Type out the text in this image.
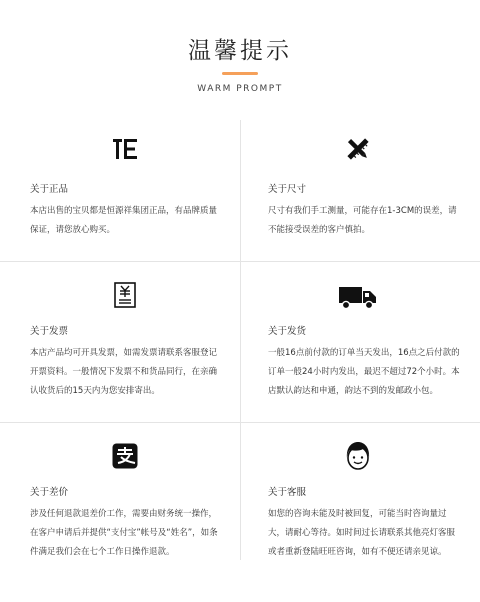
温馨提示
WARM PROMPT
关于正品
本店出售的宝贝都是恒源祥集团正品，有品牌质量保证，请您放心购买。
关于尺寸
尺寸有我们手工测量，可能存在1-3CM的误差，请不能接受误差的客户慎拍。
关于发票
本店产品均可开具发票，如需发票请联系客服登记开票资料。一般情况下发票不和货品同行，在亲确认收货后的15天内为您安排寄出。
关于发货
一般16点前付款的订单当天发出，16点之后付款的订单一般24小时内发出，最迟不超过72个小时。本店默认韵达和申通，韵达不到的发邮政小包。
关于差价
涉及任何退款退差价工作，需要由财务统一操作，在客户申请后并提供“支付宝”帐号及“姓名”，如条件满足我们会在七个工作日操作退款。
关于客服
如您的咨询未能及时被回复，可能当时咨询量过大，请耐心等待。如时间过长请联系其他亮灯客服或者重新登陆旺旺咨询，如有不便还请亲见谅。
